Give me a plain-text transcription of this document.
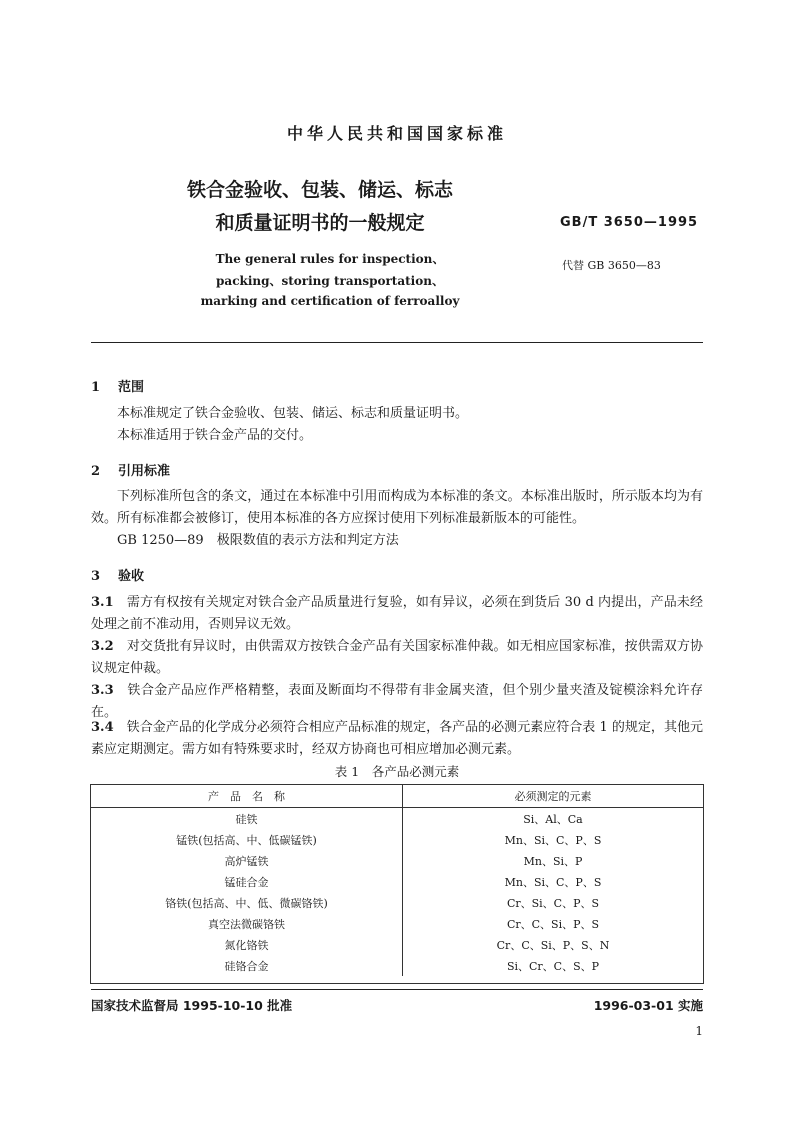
中华人民共和国国家标准
铁合金验收、包装、储运、标志
和质量证明书的一般规定	GB/T 3650—1995
代替 GB 3650—83
The general rules for inspection、
packing、storing transportation、
marking and certification of ferroalloy
1 范围
本标准规定了铁合金验收、包装、储运、标志和质量证明书。
本标准适用于铁合金产品的交付。
2 引用标准
下列标准所包含的条文，通过在本标准中引用而构成为本标准的条文。本标准出版时，所示版本均为有效。所有标准都会被修订，使用本标准的各方应探讨使用下列标准最新版本的可能性。
GB 1250—89　极限数值的表示方法和判定方法
3 验收
3.1　 需方有权按有关规定对铁合金产品质量进行复验，如有异议，必须在到货后 30 d 内提出，产品未经处理之前不准动用，否则异议无效。
3.2　 对交货批有异议时，由供需双方按铁合金产品有关国家标准仲裁。如无相应国家标准，按供需双方协议规定仲裁。
3.3　 铁合金产品应作严格精整，表面及断面均不得带有非金属夹渣，但个别少量夹渣及锭模涂料允许存在。
3.4　 铁合金产品的化学成分必须符合相应产品标准的规定，各产品的必测元素应符合表 1 的规定，其他元素应定期测定。需方如有特殊要求时，经双方协商也可相应增加必测元素。
表 1　各产品必测元素
产　品　名　称	必须测定的元素
硅铁	Si、Al、Ca
锰铁(包括高、中、低碳锰铁)	Mn、Si、C、P、S
高炉锰铁	Mn、Si、P
锰硅合金	Mn、Si、C、P、S
铬铁(包括高、中、低、微碳铬铁)	Cr、Si、C、P、S
真空法微碳铬铁	Cr、C、Si、P、S
氮化铬铁	Cr、C、Si、P、S、N
硅铬合金	Si、Cr、C、S、P
国家技术监督局 1995-10-10 批准	1996-03-01 实施
1
